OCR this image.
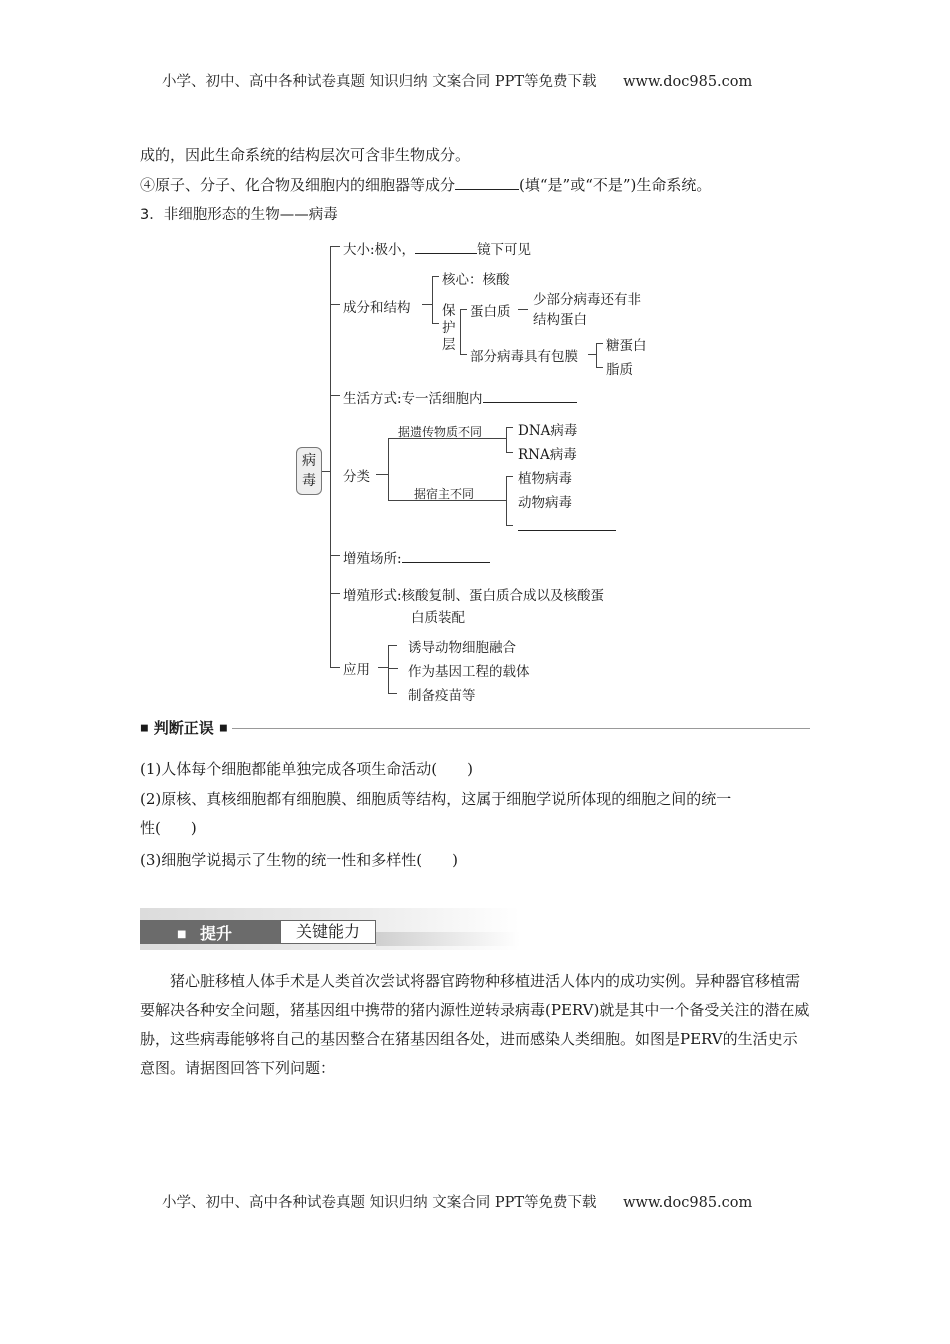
小学、初中、高中各种试卷真题 知识归纳 文案合同 PPT等免费下载 www.doc985.com
成的，因此生命系统的结构层次可含非生物成分。
④原子、分子、化合物及细胞内的细胞器等成分	(填“是”或“不是”)生命系统。
3．非细胞形态的生物——病毒
病毒
大小:极小，	镜下可见
成分和结构
核心：核酸
保护层
蛋白质
少部分病毒还有非
结构蛋白
部分病毒具有包膜
糖蛋白
脂质
生活方式:专一活细胞内
分类
据遗传物质不同
据宿主不同
DNA病毒
RNA病毒
植物病毒
动物病毒
增殖场所:
增殖形式:核酸复制、蛋白质合成以及核酸蛋
白质装配
应用
诱导动物细胞融合
作为基因工程的载体
制备疫苗等
■ 判断正误 ■
(1)人体每个细胞都能单独完成各项生命活动(　　)
(2)原核、真核细胞都有细胞膜、细胞质等结构，这属于细胞学说所体现的细胞之间的统一
性(　　)
(3)细胞学说揭示了生物的统一性和多样性(　　)
■ 提升	关键能力
猪心脏移植人体手术是人类首次尝试将器官跨物种移植进活人体内的成功实例。异种器官移植需要解决各种安全问题，猪基因组中携带的猪内源性逆转录病毒(PERV)就是其中一个备受关注的潜在威胁，这些病毒能够将自己的基因整合在猪基因组各处，进而感染人类细胞。如图是PERV的生活史示意图。请据图回答下列问题：
小学、初中、高中各种试卷真题 知识归纳 文案合同 PPT等免费下载 www.doc985.com
